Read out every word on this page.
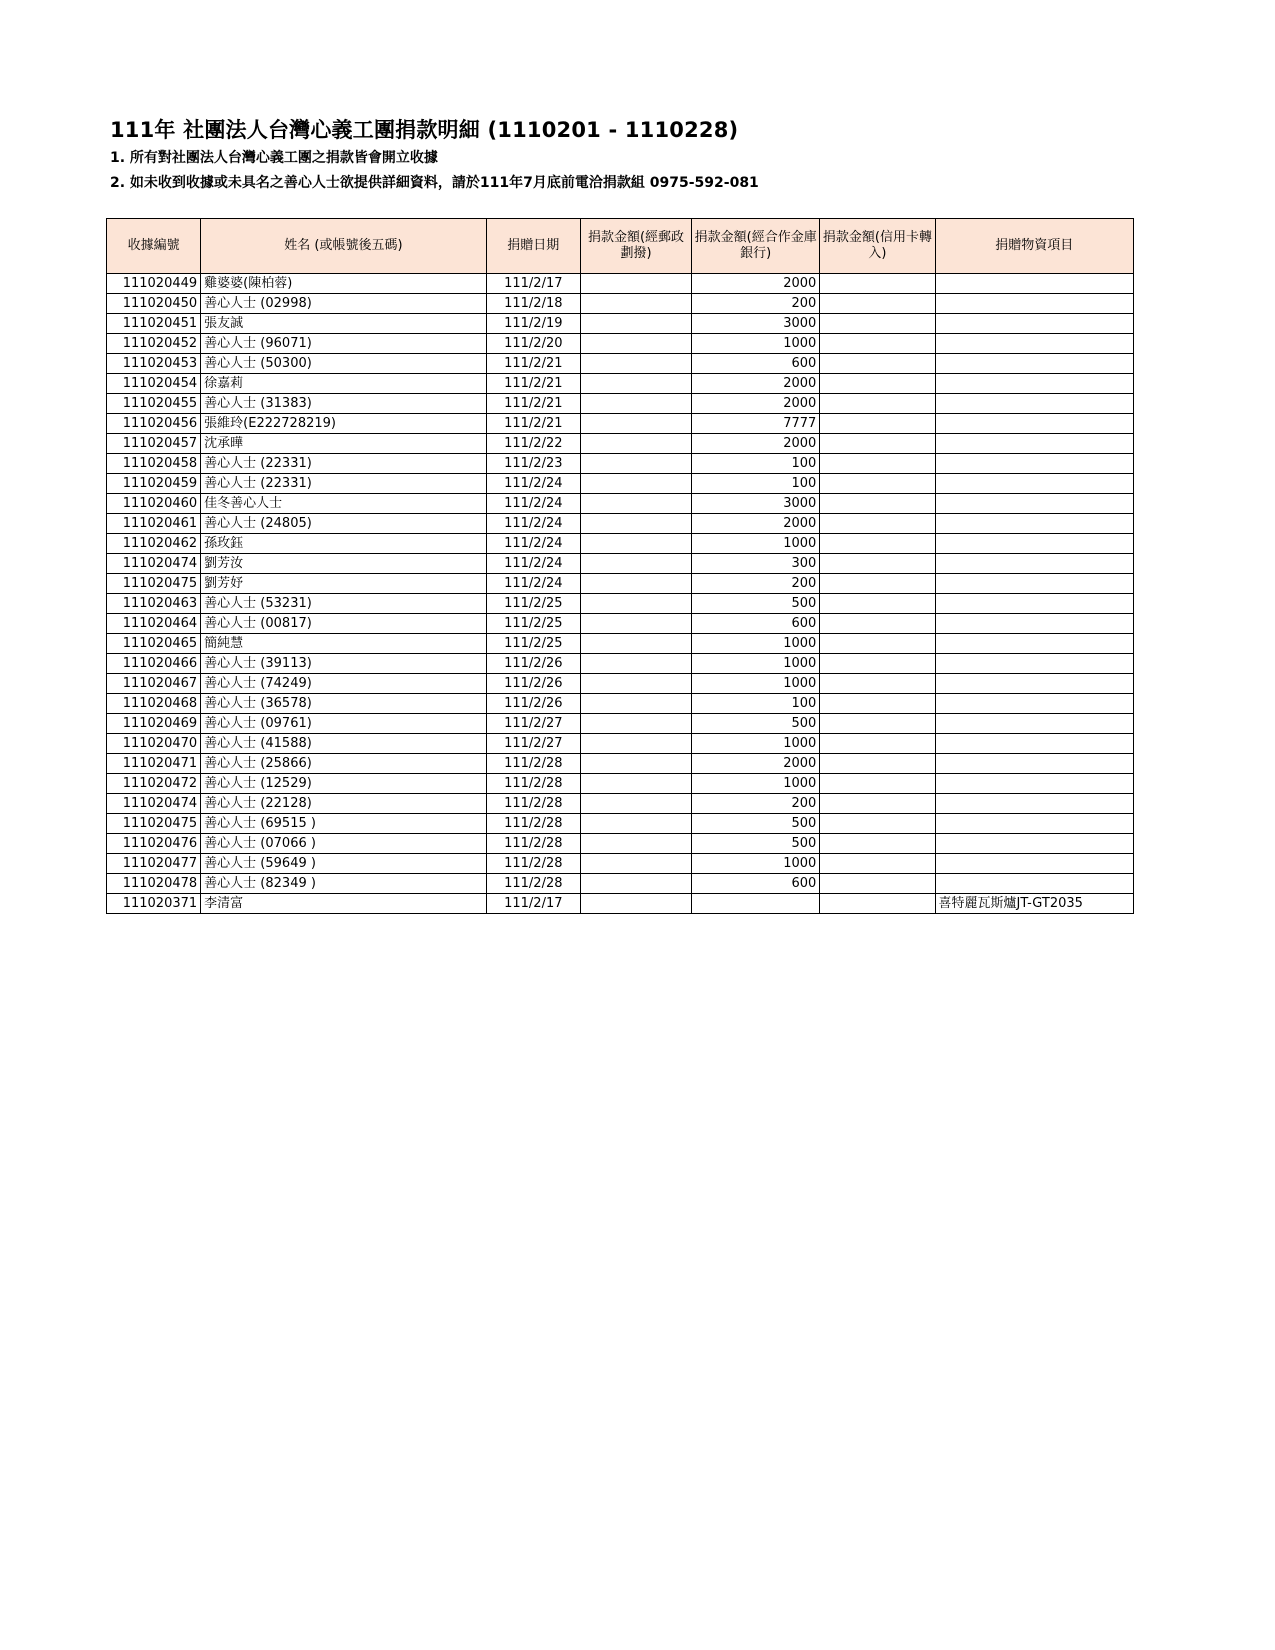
111年 社團法人台灣心義工團捐款明細 (1110201 - 1110228)
1. 所有對社團法人台灣心義工團之捐款皆會開立收據
2. 如未收到收據或未具名之善心人士欲提供詳細資料，請於111年7月底前電洽捐款組 0975-592-081
收據編號	姓名 (或帳號後五碼)	捐贈日期	捐款金額(經郵政劃撥)	捐款金額(經合作金庫銀行)	捐款金額(信用卡轉入)	捐贈物資項目
111020449	雞婆婆(陳柏蓉)	111/2/17		2000		
111020450	善心人士 (02998)	111/2/18		200		
111020451	張友誠	111/2/19		3000		
111020452	善心人士 (96071)	111/2/20		1000		
111020453	善心人士 (50300)	111/2/21		600		
111020454	徐嘉莉	111/2/21		2000		
111020455	善心人士 (31383)	111/2/21		2000		
111020456	張維玲(E222728219)	111/2/21		7777		
111020457	沈承曄	111/2/22		2000		
111020458	善心人士 (22331)	111/2/23		100		
111020459	善心人士 (22331)	111/2/24		100		
111020460	佳冬善心人士	111/2/24		3000		
111020461	善心人士 (24805)	111/2/24		2000		
111020462	孫玫鈺	111/2/24		1000		
111020474	劉芳汝	111/2/24		300		
111020475	劉芳妤	111/2/24		200		
111020463	善心人士 (53231)	111/2/25		500		
111020464	善心人士 (00817)	111/2/25		600		
111020465	簡純慧	111/2/25		1000		
111020466	善心人士 (39113)	111/2/26		1000		
111020467	善心人士 (74249)	111/2/26		1000		
111020468	善心人士 (36578)	111/2/26		100		
111020469	善心人士 (09761)	111/2/27		500		
111020470	善心人士 (41588)	111/2/27		1000		
111020471	善心人士 (25866)	111/2/28		2000		
111020472	善心人士 (12529)	111/2/28		1000		
111020474	善心人士 (22128)	111/2/28		200		
111020475	善心人士 (69515 )	111/2/28		500		
111020476	善心人士 (07066 )	111/2/28		500		
111020477	善心人士 (59649 )	111/2/28		1000		
111020478	善心人士 (82349 )	111/2/28		600		
111020371	李清富	111/2/17				喜特麗瓦斯爐JT-GT2035
